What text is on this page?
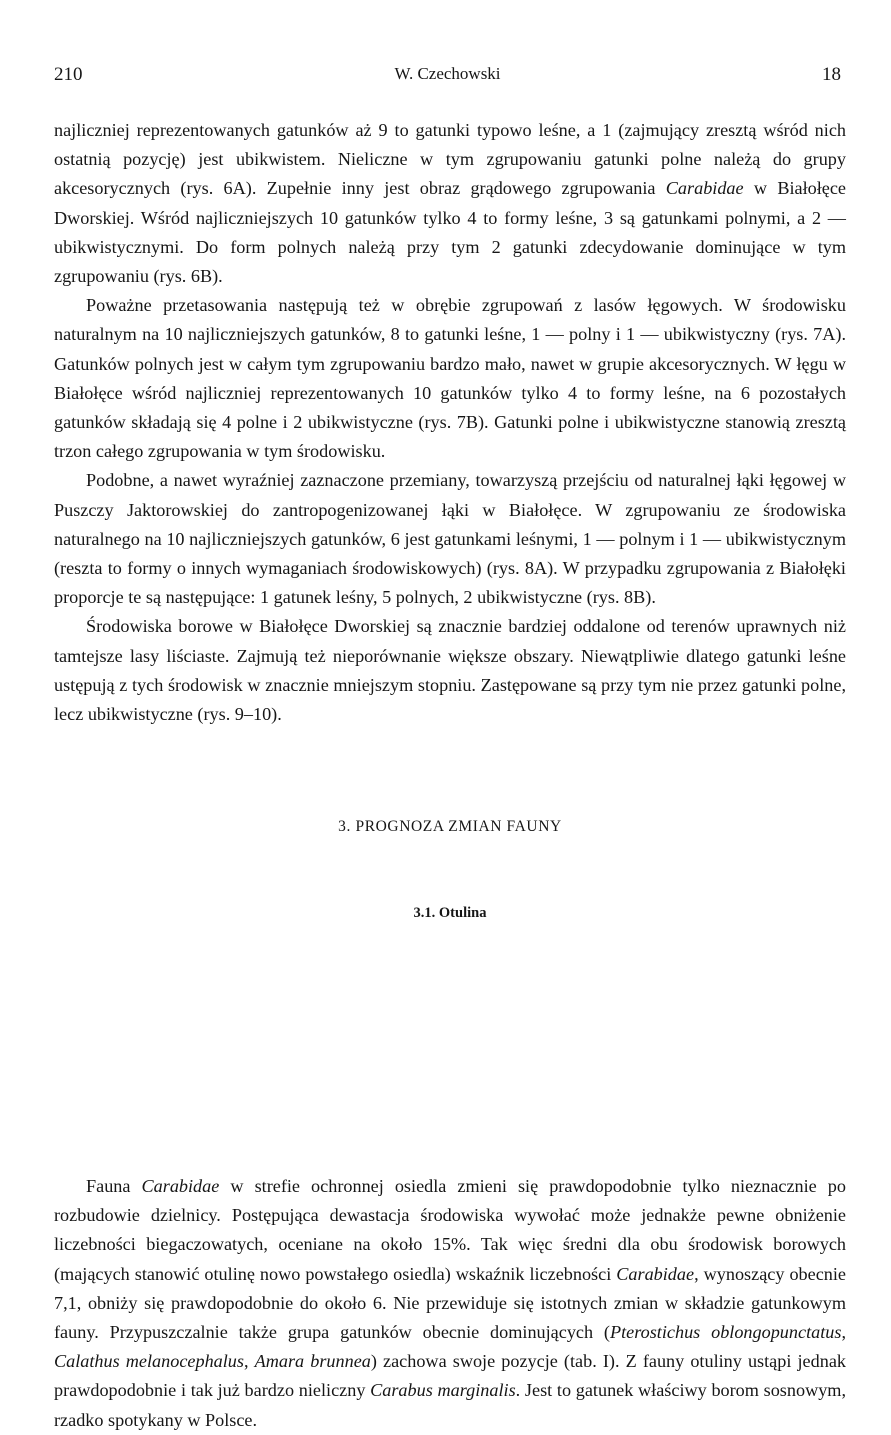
210	W. Czechowski	18

najliczniej reprezentowanych gatunków aż 9 to gatunki typowo leśne, a 1 (zajmujący zresztą wśród nich ostatnią pozycję) jest ubikwistem. Nieliczne w tym zgrupowaniu gatunki polne należą do grupy akcesorycznych (rys. 6A). Zupełnie inny jest obraz grądowego zgrupowania Carabidae w Białołęce Dworskiej. Wśród najliczniejszych 10 gatunków tylko 4 to formy leśne, 3 są gatunkami polnymi, a 2 — ubikwistycznymi. Do form polnych należą przy tym 2 gatunki zdecydowanie dominujące w tym zgrupowaniu (rys. 6B).

Poważne przetasowania następują też w obrębie zgrupowań z lasów łęgowych. W środowisku naturalnym na 10 najliczniejszych gatunków, 8 to gatunki leśne, 1 — polny i 1 — ubikwistyczny (rys. 7A). Gatunków polnych jest w całym tym zgrupowaniu bardzo mało, nawet w grupie akcesorycznych. W łęgu w Białołęce wśród najliczniej reprezentowanych 10 gatunków tylko 4 to formy leśne, na 6 pozostałych gatunków składają się 4 polne i 2 ubikwistyczne (rys. 7B). Gatunki polne i ubikwistyczne stanowią zresztą trzon całego zgrupowania w tym środowisku.

Podobne, a nawet wyraźniej zaznaczone przemiany, towarzyszą przejściu od naturalnej łąki łęgowej w Puszczy Jaktorowskiej do zantropogenizowanej łąki w Białołęce. W zgrupowaniu ze środowiska naturalnego na 10 najliczniejszych gatunków, 6 jest gatunkami leśnymi, 1 — polnym i 1 — ubikwistycznym (reszta to formy o innych wymaganiach środowiskowych) (rys. 8A). W przypadku zgrupowania z Białołęki proporcje te są następujące: 1 gatunek leśny, 5 polnych, 2 ubikwistyczne (rys. 8B).

Środowiska borowe w Białołęce Dworskiej są znacznie bardziej oddalone od terenów uprawnych niż tamtejsze lasy liściaste. Zajmują też nieporównanie większe obszary. Niewątpliwie dlatego gatunki leśne ustępują z tych środowisk w znacznie mniejszym stopniu. Zastępowane są przy tym nie przez gatunki polne, lecz ubikwistyczne (rys. 9–10).

3. PROGNOZA ZMIAN FAUNY
3.1. Otulina

Fauna Carabidae w strefie ochronnej osiedla zmieni się prawdopodobnie tylko nieznacznie po rozbudowie dzielnicy. Postępująca dewastacja środowiska wywołać może jednakże pewne obniżenie liczebności biegaczowatych, oceniane na około 15%. Tak więc średni dla obu środowisk borowych (mających stanowić otulinę nowo powstałego osiedla) wskaźnik liczebności Carabidae, wynoszący obecnie 7,1, obniży się prawdopodobnie do około 6. Nie przewiduje się istotnych zmian w składzie gatunkowym fauny. Przypuszczalnie także grupa gatunków obecnie dominujących (Pterostichus oblongopunctatus, Calathus melanocephalus, Amara brunnea) zachowa swoje pozycje (tab. I). Z fauny otuliny ustąpi jednak prawdopodobnie i tak już bardzo nieliczny Carabus marginalis. Jest to gatunek właściwy borom sosnowym, rzadko spotykany w Polsce.
